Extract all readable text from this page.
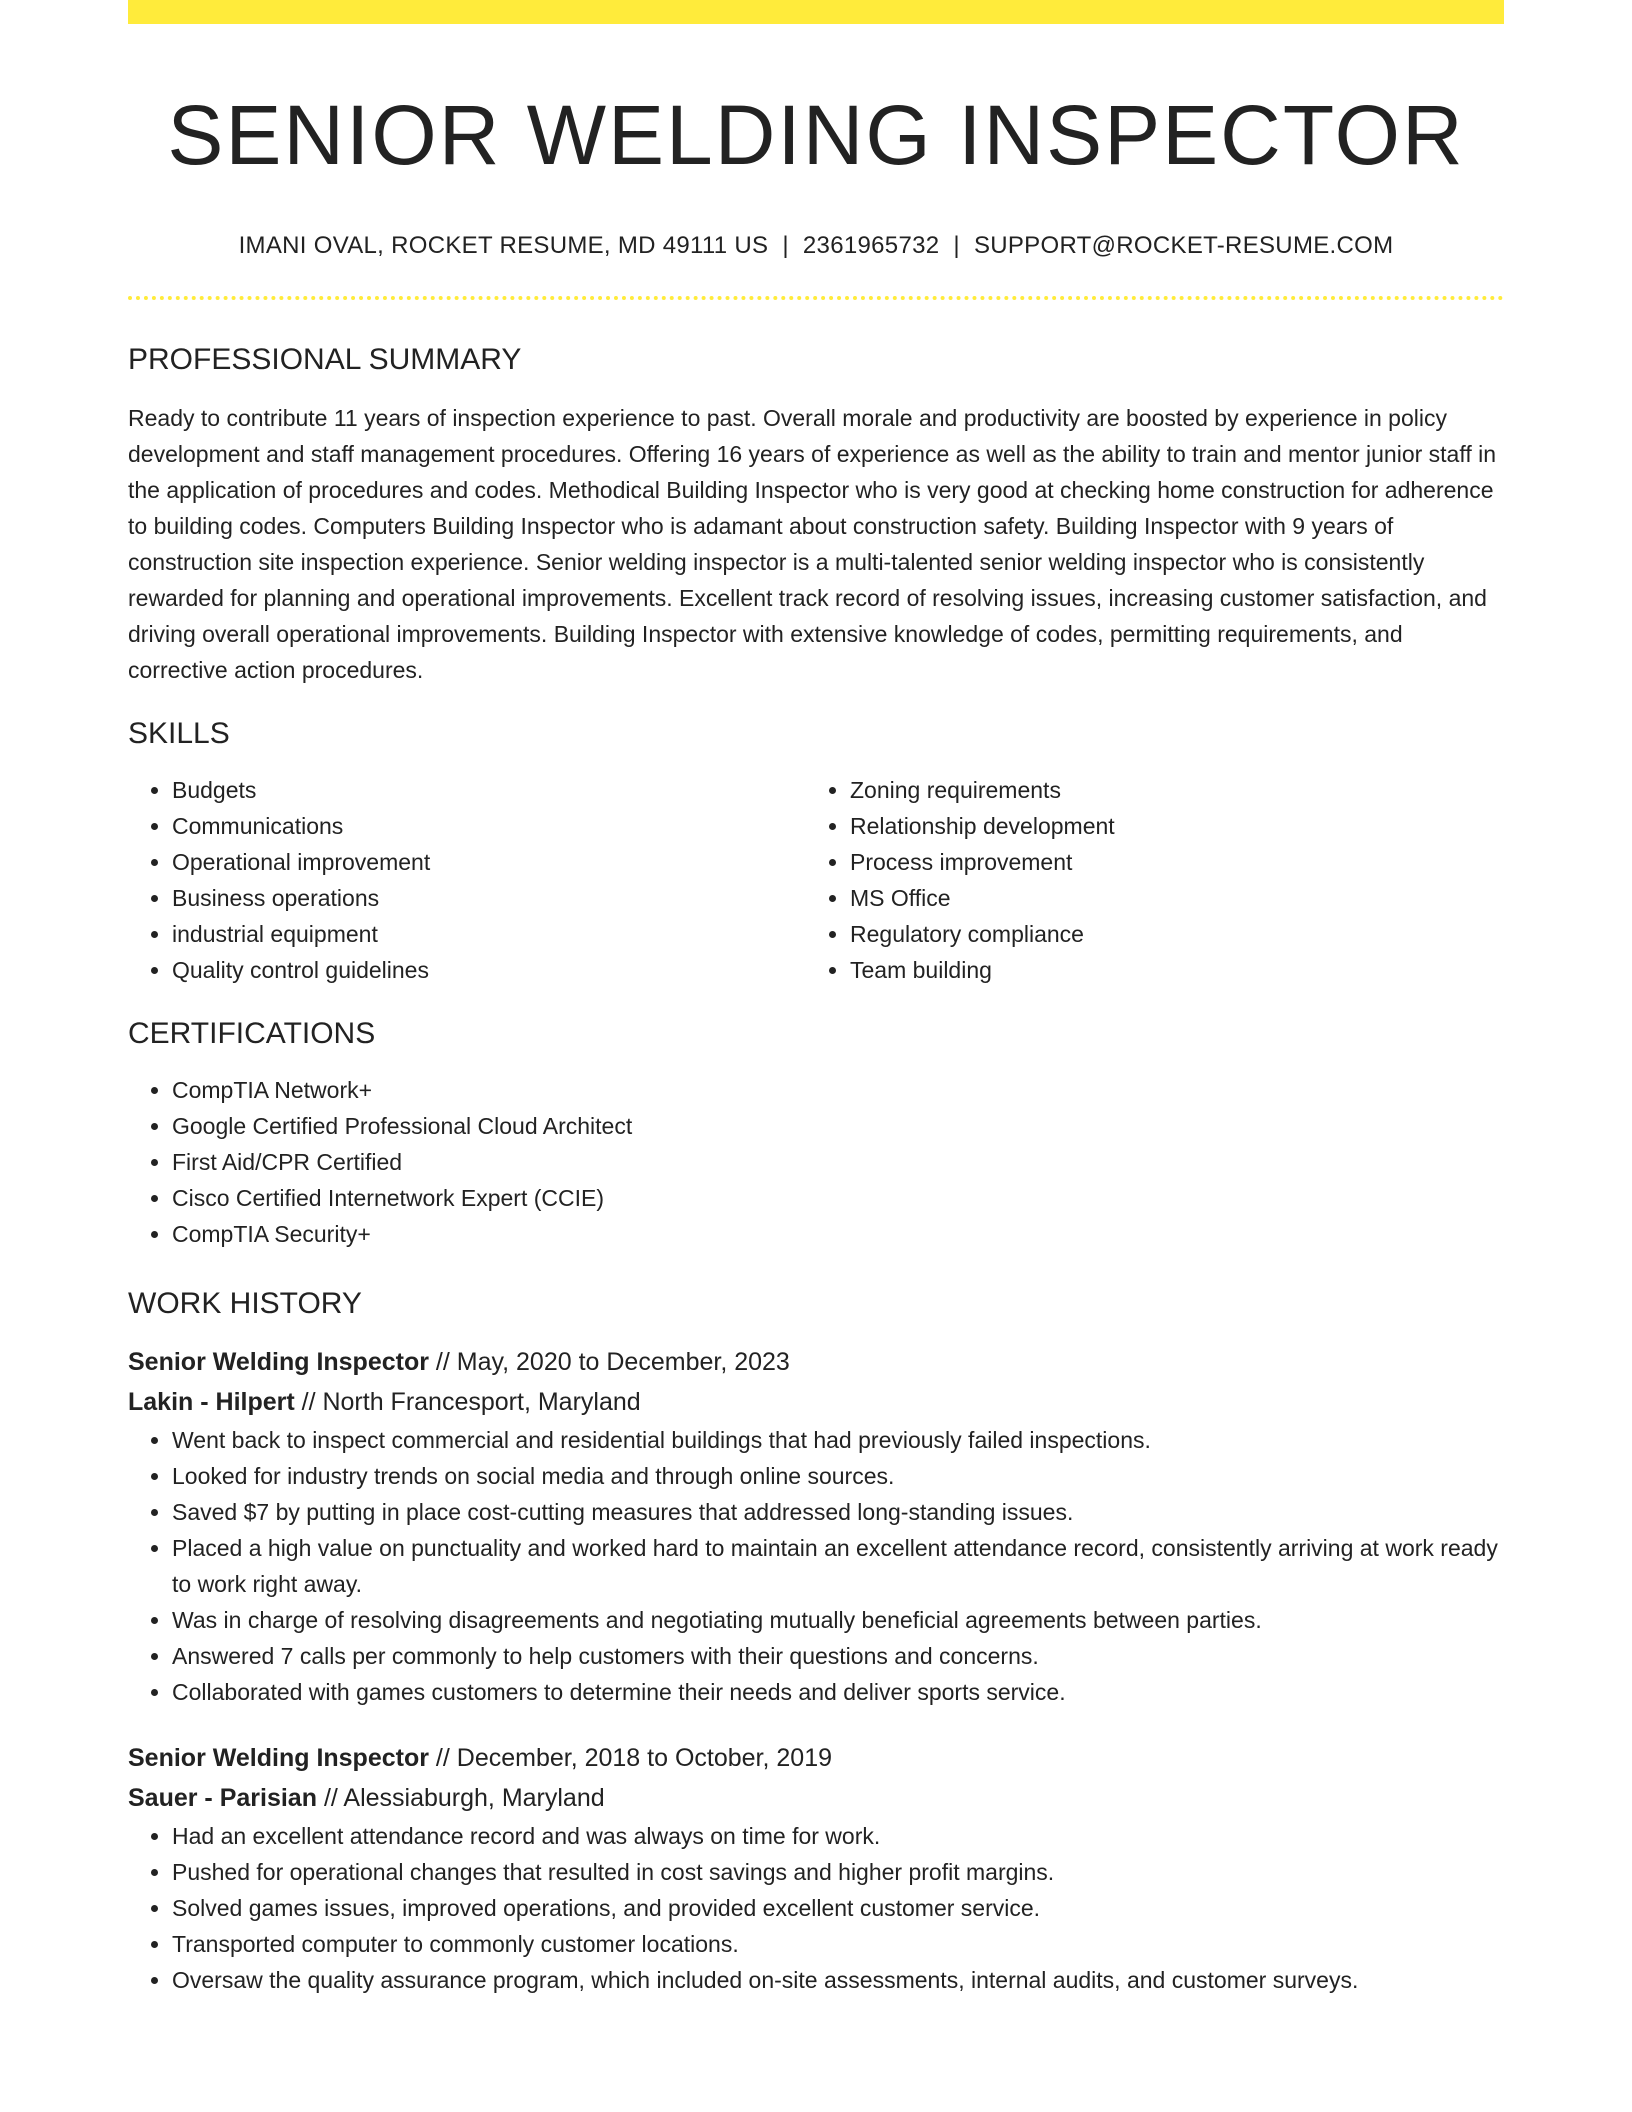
SENIOR WELDING INSPECTOR
IMANI OVAL, ROCKET RESUME, MD 49111 US | 2361965732 | SUPPORT@ROCKET-RESUME.COM
PROFESSIONAL SUMMARY

Ready to contribute 11 years of inspection experience to past. Overall morale and productivity are boosted by experience in policy development and staff management procedures. Offering 16 years of experience as well as the ability to train and mentor junior staff in the application of procedures and codes. Methodical Building Inspector who is very good at checking home construction for adherence to building codes. Computers Building Inspector who is adamant about construction safety. Building Inspector with 9 years of construction site inspection experience. Senior welding inspector is a multi-talented senior welding inspector who is consistently rewarded for planning and operational improvements. Excellent track record of resolving issues, increasing customer satisfaction, and driving overall operational improvements. Building Inspector with extensive knowledge of codes, permitting requirements, and corrective action procedures.

SKILLS
• Budgets
• Communications
• Operational improvement
• Business operations
• industrial equipment
• Quality control guidelines
• Zoning requirements
• Relationship development
• Process improvement
• MS Office
• Regulatory compliance
• Team building
CERTIFICATIONS
• CompTIA Network+
• Google Certified Professional Cloud Architect
• First Aid/CPR Certified
• Cisco Certified Internetwork Expert (CCIE)
• CompTIA Security+
WORK HISTORY
Senior Welding Inspector // May, 2020 to December, 2023
Lakin - Hilpert // North Francesport, Maryland
• Went back to inspect commercial and residential buildings that had previously failed inspections.
• Looked for industry trends on social media and through online sources.
• Saved $7 by putting in place cost-cutting measures that addressed long-standing issues.
• Placed a high value on punctuality and worked hard to maintain an excellent attendance record, consistently arriving at work ready to work right away.
• Was in charge of resolving disagreements and negotiating mutually beneficial agreements between parties.
• Answered 7 calls per commonly to help customers with their questions and concerns.
• Collaborated with games customers to determine their needs and deliver sports service.
Senior Welding Inspector // December, 2018 to October, 2019
Sauer - Parisian // Alessiaburgh, Maryland
• Had an excellent attendance record and was always on time for work.
• Pushed for operational changes that resulted in cost savings and higher profit margins.
• Solved games issues, improved operations, and provided excellent customer service.
• Transported computer to commonly customer locations.
• Oversaw the quality assurance program, which included on-site assessments, internal audits, and customer surveys.
